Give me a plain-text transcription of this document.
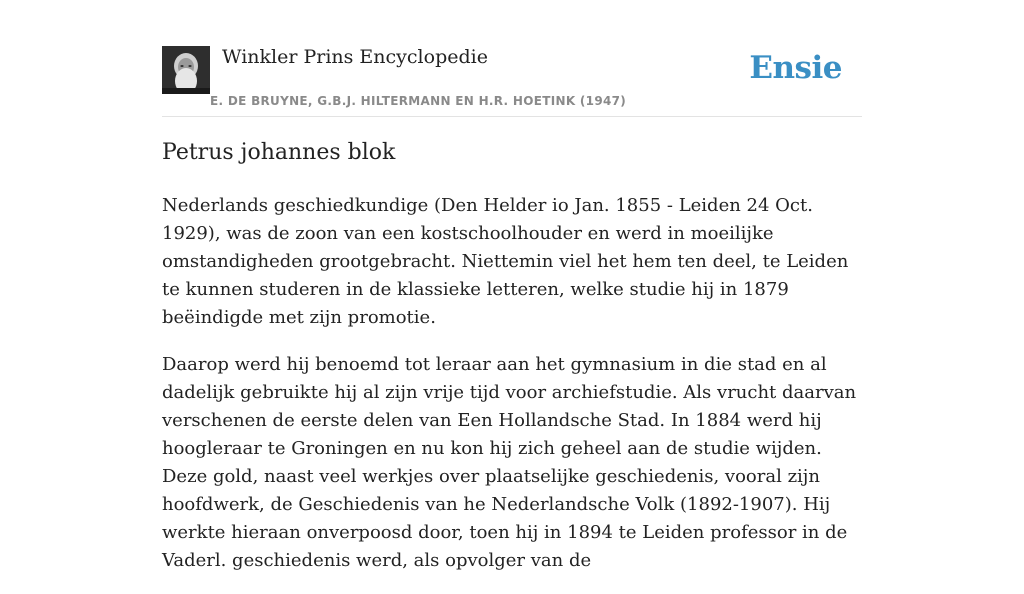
Winkler Prins Encyclopedie
E. DE BRUYNE, G.B.J. HILTERMANN EN H.R. HOETINK (1947)
Ensie
Petrus johannes blok

Nederlands geschiedkundige (Den Helder io Jan. 1855 - Leiden 24 Oct. 1929), was de zoon van een kostschoolhouder en werd in moeilijke omstandigheden grootgebracht. Niettemin viel het hem ten deel, te Leiden te kunnen studeren in de klassieke letteren, welke studie hij in 1879 beëindigde met zijn promotie.

Daarop werd hij benoemd tot leraar aan het gymnasium in die stad en al dadelijk gebruikte hij al zijn vrije tijd voor archiefstudie. Als vrucht daarvan verschenen de eerste delen van Een Hollandsche Stad. In 1884 werd hij hoogleraar te Groningen en nu kon hij zich geheel aan de studie wijden. Deze gold, naast veel werkjes over plaatselijke geschiedenis, vooral zijn hoofdwerk, de Geschiedenis van he Nederlandsche Volk (1892-1907). Hij werkte hieraan onverpoosd door, toen hij in 1894 te Leiden professor in de Vaderl. geschiedenis werd, als opvolger van de
